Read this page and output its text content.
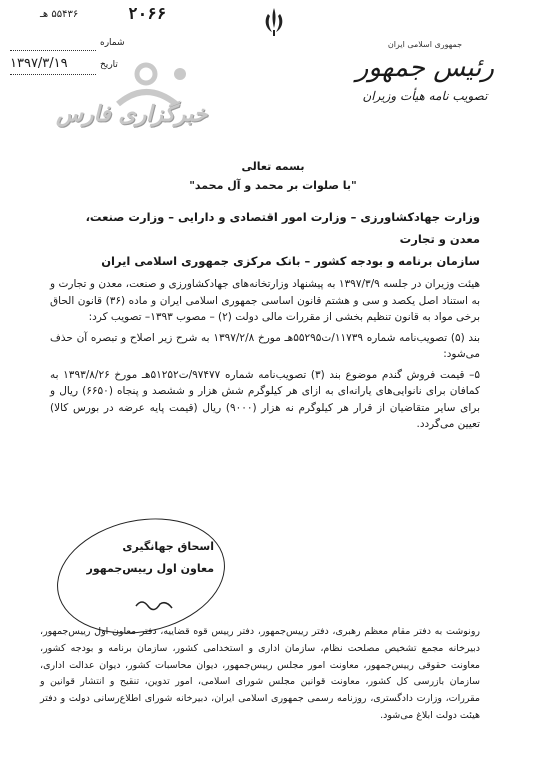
۲۰۶۶
۵۵۴۳۶ هـ
شماره
تاریخ
۱۳۹۷/۳/۱۹
خبرگزاری فارس
جمهوری اسلامی ایران
رئیس جمهور
تصویب نامه هیأت وزیران
بسمه تعالی
"با صلوات بر محمد و آل محمد"
وزارت جهادکشاورزی – وزارت امور اقتصادی و دارایی – وزارت صنعت، معدن و تجارت
سازمان برنامه و بودجه کشور – بانک مرکزی جمهوری اسلامی ایران

هیئت وزیران در جلسه ۱۳۹۷/۳/۹ به پیشنهاد وزارتخانه‌های جهادکشاورزی و صنعت، معدن و تجارت و به استناد اصل یکصد و سی و هشتم قانون اساسی جمهوری اسلامی ایران و ماده (۳۶) قانون الحاق برخی مواد به قانون تنظیم بخشی از مقررات مالی دولت (۲) – مصوب ۱۳۹۳– تصویب کرد:

بند (۵) تصویب‌نامه شماره ۱۱۷۳۹/ت۵۵۲۹۵هـ مورخ ۱۳۹۷/۲/۸ به شرح زیر اصلاح و تبصره آن حذف می‌شود:

۵– قیمت فروش گندم موضوع بند (۳) تصویب‌نامه شماره ۹۷۴۷۷/ت۵۱۲۵۲هـ مورخ ۱۳۹۳/۸/۲۶ به کمافان برای نانوایی‌های یارانه‌ای به ازای هر کیلوگرم شش هزار و ششصد و پنجاه (۶۶۵۰) ریال و برای سایر متقاضیان از قرار هر کیلوگرم نه هزار (۹۰۰۰) ریال (قیمت پایه عرضه در بورس کالا) تعیین می‌گردد.

اسحاق جهانگیری
معاون اول رییس‌جمهور
رونوشت به دفتر مقام معظم رهبری، دفتر رییس‌جمهور، دفتر رییس قوه قضاییه، دفتر معاون اول رییس‌جمهور، دبیرخانه مجمع تشخیص مصلحت نظام، سازمان اداری و استخدامی کشور، سازمان برنامه و بودجه کشور، معاونت حقوقی رییس‌جمهور، معاونت امور مجلس رییس‌جمهور، دیوان محاسبات کشور، دیوان عدالت اداری، سازمان بازرسی کل کشور، معاونت قوانین مجلس شورای اسلامی، امور تدوین، تنقیح و انتشار قوانین و مقررات، وزارت دادگستری، روزنامه رسمی جمهوری اسلامی ایران، دبیرخانه شورای اطلاع‌رسانی دولت و دفتر هیئت دولت ابلاغ می‌شود.
